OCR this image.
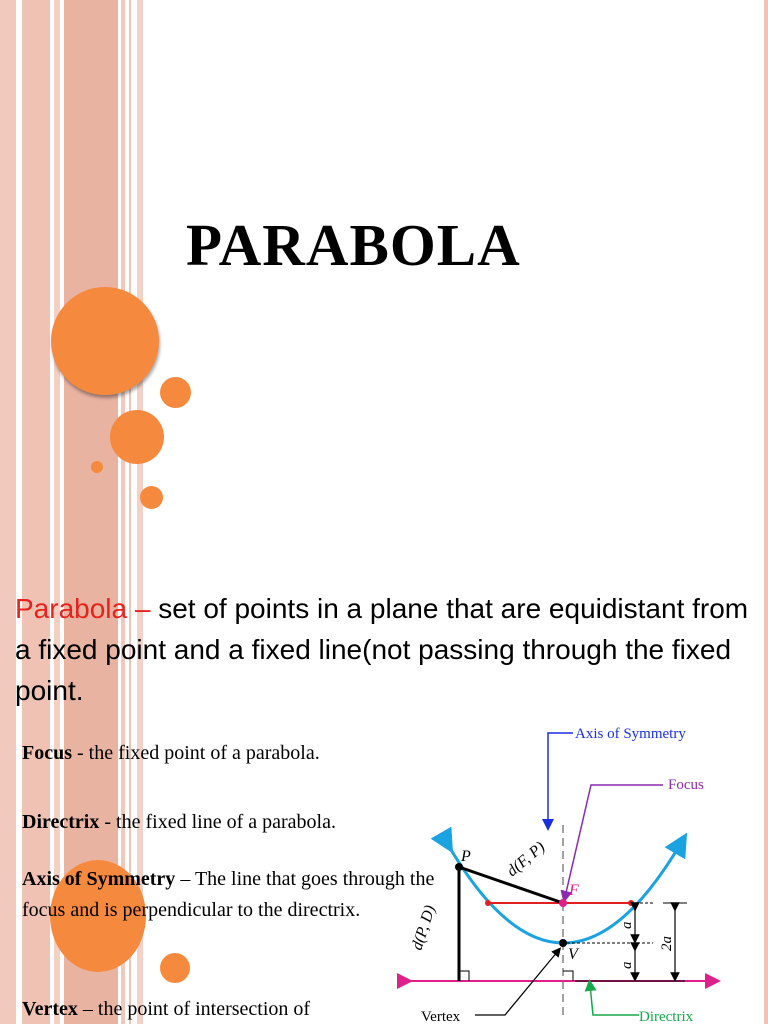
PARABOLA
Parabola – set of points in a plane that are equidistant from a fixed point and a fixed line(not passing through the fixed point.
Focus - the fixed point of a parabola.
Directrix - the fixed line of a parabola.
Axis of Symmetry – The line that goes through the focus and is perpendicular to the directrix.
Vertex – the point of intersection of
Axis of Symmetry
Focus
P
F
V
d(F, P)
d(P, D)	a
a
2a
Vertex	Directrix
